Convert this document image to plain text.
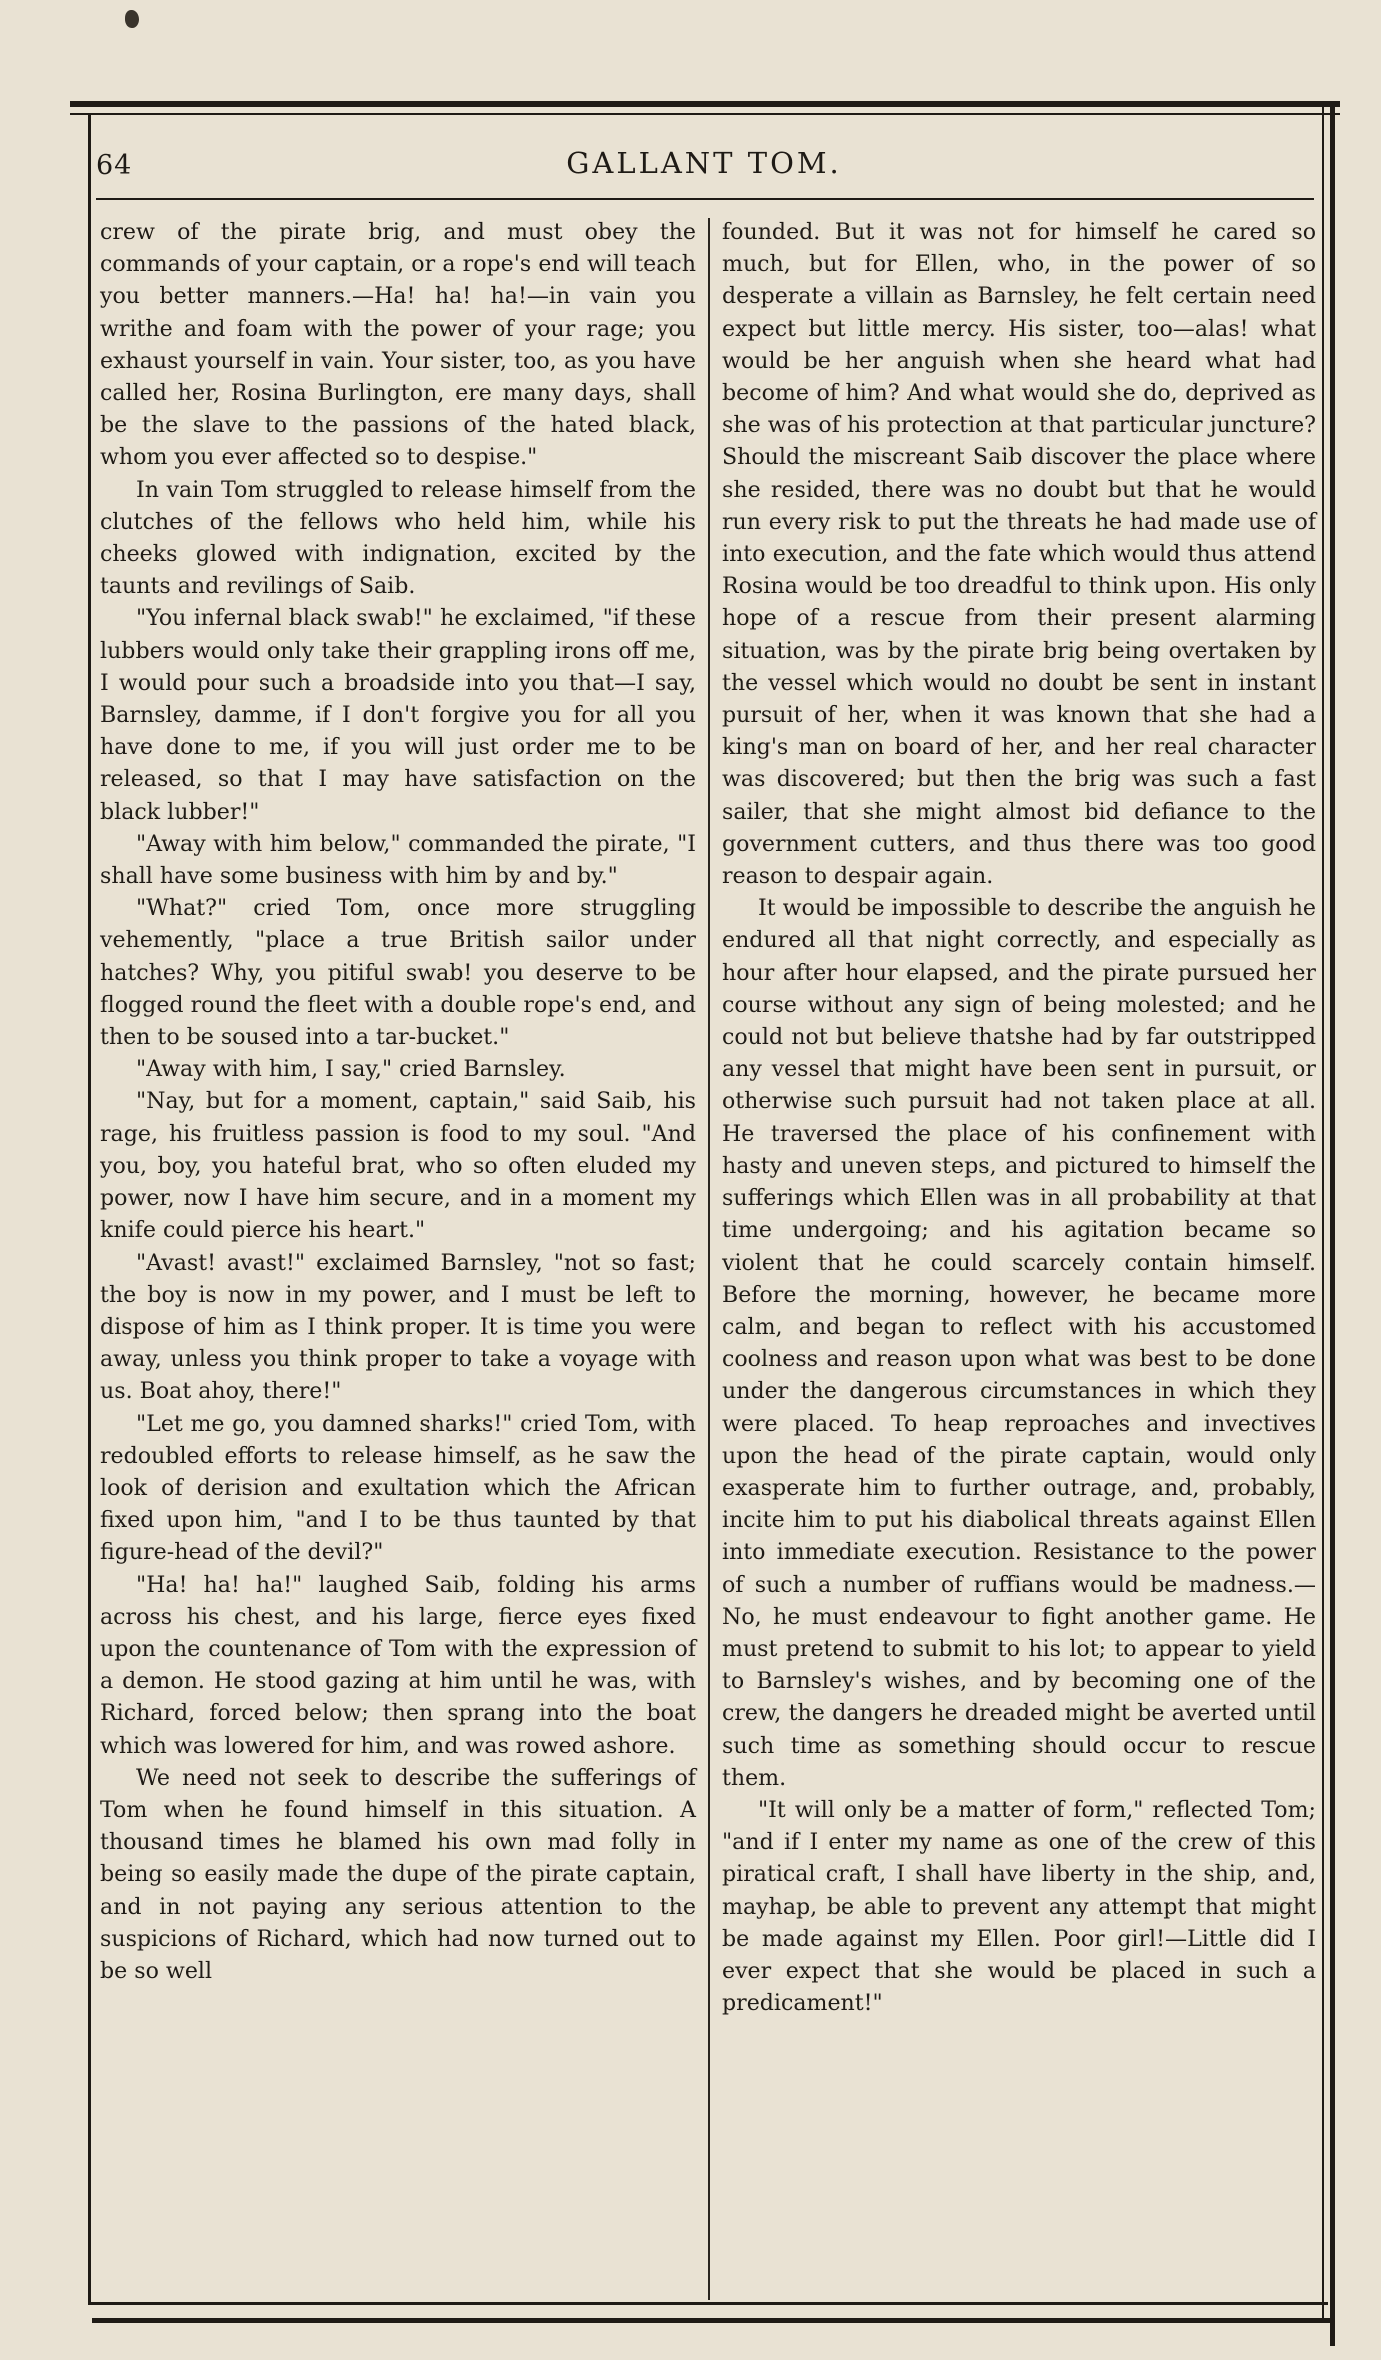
64	GALLANT TOM.

crew of the pirate brig, and must obey the commands of your captain, or a rope's end will teach you better manners.—Ha! ha! ha!—in vain you writhe and foam with the power of your rage; you exhaust yourself in vain. Your sister, too, as you have called her, Rosina Burlington, ere many days, shall be the slave to the passions of the hated black, whom you ever affected so to despise."

In vain Tom struggled to release himself from the clutches of the fellows who held him, while his cheeks glowed with indignation, excited by the taunts and revilings of Saib.

"You infernal black swab!" he exclaimed, "if these lubbers would only take their grappling irons off me, I would pour such a broadside into you that—I say, Barnsley, damme, if I don't forgive you for all you have done to me, if you will just order me to be released, so that I may have satisfaction on the black lubber!"

"Away with him below," commanded the pirate, "I shall have some business with him by and by."

"What?" cried Tom, once more struggling vehemently, "place a true British sailor under hatches? Why, you pitiful swab! you deserve to be flogged round the fleet with a double rope's end, and then to be soused into a tar-bucket."

"Away with him, I say," cried Barnsley.

"Nay, but for a moment, captain," said Saib, his rage, his fruitless passion is food to my soul. "And you, boy, you hateful brat, who so often eluded my power, now I have him secure, and in a moment my knife could pierce his heart."

"Avast! avast!" exclaimed Barnsley, "not so fast; the boy is now in my power, and I must be left to dispose of him as I think proper. It is time you were away, unless you think proper to take a voyage with us. Boat ahoy, there!"

"Let me go, you damned sharks!" cried Tom, with redoubled efforts to release himself, as he saw the look of derision and exultation which the African fixed upon him, "and I to be thus taunted by that figure-head of the devil?"

"Ha! ha! ha!" laughed Saib, folding his arms across his chest, and his large, fierce eyes fixed upon the countenance of Tom with the expression of a demon. He stood gazing at him until he was, with Richard, forced below; then sprang into the boat which was lowered for him, and was rowed ashore.

We need not seek to describe the sufferings of Tom when he found himself in this situation. A thousand times he blamed his own mad folly in being so easily made the dupe of the pirate captain, and in not paying any serious attention to the suspicions of Richard, which had now turned out to be so well

founded. But it was not for himself he cared so much, but for Ellen, who, in the power of so desperate a villain as Barnsley, he felt certain need expect but little mercy. His sister, too—alas! what would be her anguish when she heard what had become of him? And what would she do, deprived as she was of his protection at that particular juncture? Should the miscreant Saib discover the place where she resided, there was no doubt but that he would run every risk to put the threats he had made use of into execution, and the fate which would thus attend Rosina would be too dreadful to think upon. His only hope of a rescue from their present alarming situation, was by the pirate brig being overtaken by the vessel which would no doubt be sent in instant pursuit of her, when it was known that she had a king's man on board of her, and her real character was discovered; but then the brig was such a fast sailer, that she might almost bid defiance to the government cutters, and thus there was too good reason to despair again.

It would be impossible to describe the anguish he endured all that night correctly, and especially as hour after hour elapsed, and the pirate pursued her course without any sign of being molested; and he could not but believe thatshe had by far outstripped any vessel that might have been sent in pursuit, or otherwise such pursuit had not taken place at all. He traversed the place of his confinement with hasty and uneven steps, and pictured to himself the sufferings which Ellen was in all probability at that time undergoing; and his agitation became so violent that he could scarcely contain himself. Before the morning, however, he became more calm, and began to reflect with his accustomed coolness and reason upon what was best to be done under the dangerous circumstances in which they were placed. To heap reproaches and invectives upon the head of the pirate captain, would only exasperate him to further outrage, and, probably, incite him to put his diabolical threats against Ellen into immediate execution. Resistance to the power of such a number of ruffians would be madness.—No, he must endeavour to fight another game. He must pretend to submit to his lot; to appear to yield to Barnsley's wishes, and by becoming one of the crew, the dangers he dreaded might be averted until such time as something should occur to rescue them.

"It will only be a matter of form," reflected Tom; "and if I enter my name as one of the crew of this piratical craft, I shall have liberty in the ship, and, mayhap, be able to prevent any attempt that might be made against my Ellen. Poor girl!—Little did I ever expect that she would be placed in such a predicament!"
